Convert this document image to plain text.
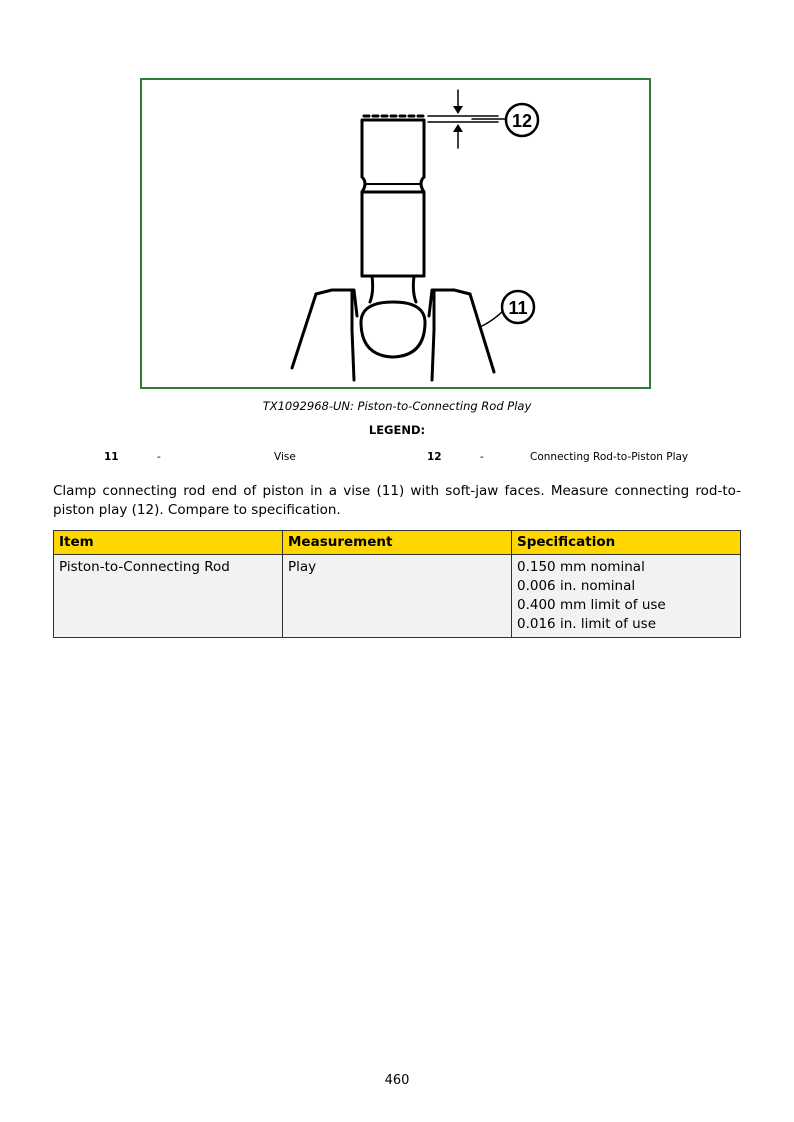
12
11
TX1092968-UN: Piston-to-Connecting Rod Play
LEGEND:
11	-	Vise	12	-	Connecting Rod-to-Piston Play

Clamp connecting rod end of piston in a vise (11) with soft-jaw faces. Measure connecting rod-to-piston play (12). Compare to specification.

Item	Measurement	Specification
Piston-to-Connecting Rod	Play	0.150 mm nominal
0.006 in. nominal
0.400 mm limit of use
0.016 in. limit of use
460
